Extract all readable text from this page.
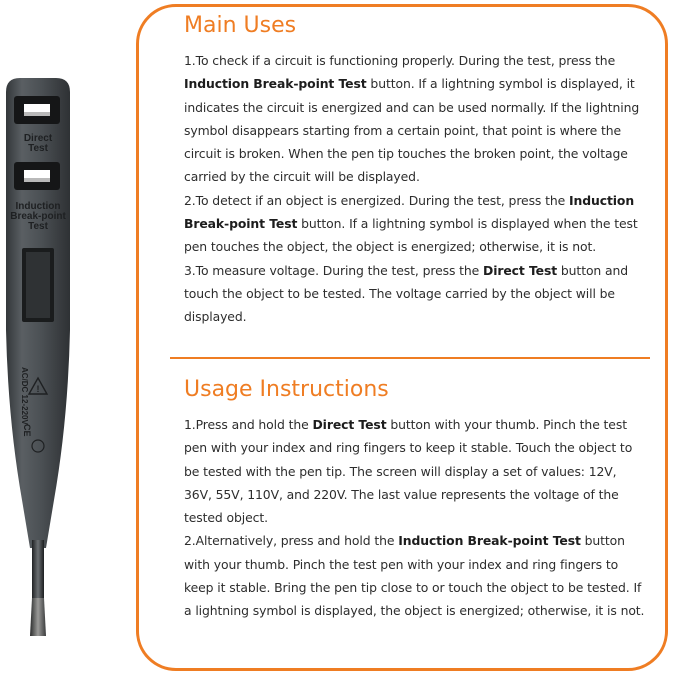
!
Direct
Test
Induction
Break-point
Test
AC/DC 12-220V
CE
Main Uses

1.To check if a circuit is functioning properly. During the test, press the Induction Break-point Test button. If a lightning symbol is displayed, it indicates the circuit is energized and can be used normally. If the lightning symbol disappears starting from a certain point, that point is where the circuit is broken. When the pen tip touches the broken point, the voltage carried by the circuit will be displayed.

2.To detect if an object is energized. During the test, press the Induction Break-point Test button. If a lightning symbol is displayed when the test pen touches the object, the object is energized; otherwise, it is not.

3.To measure voltage. During the test, press the Direct Test button and touch the object to be tested. The voltage carried by the object will be displayed.

Usage Instructions

1.Press and hold the Direct Test button with your thumb. Pinch the test pen with your index and ring fingers to keep it stable. Touch the object to be tested with the pen tip. The screen will display a set of values: 12V, 36V, 55V, 110V, and 220V. The last value represents the voltage of the tested object.

2.Alternatively, press and hold the Induction Break-point Test button with your thumb. Pinch the test pen with your index and ring fingers to keep it stable. Bring the pen tip close to or touch the object to be tested. If a lightning symbol is displayed, the object is energized; otherwise, it is not.
